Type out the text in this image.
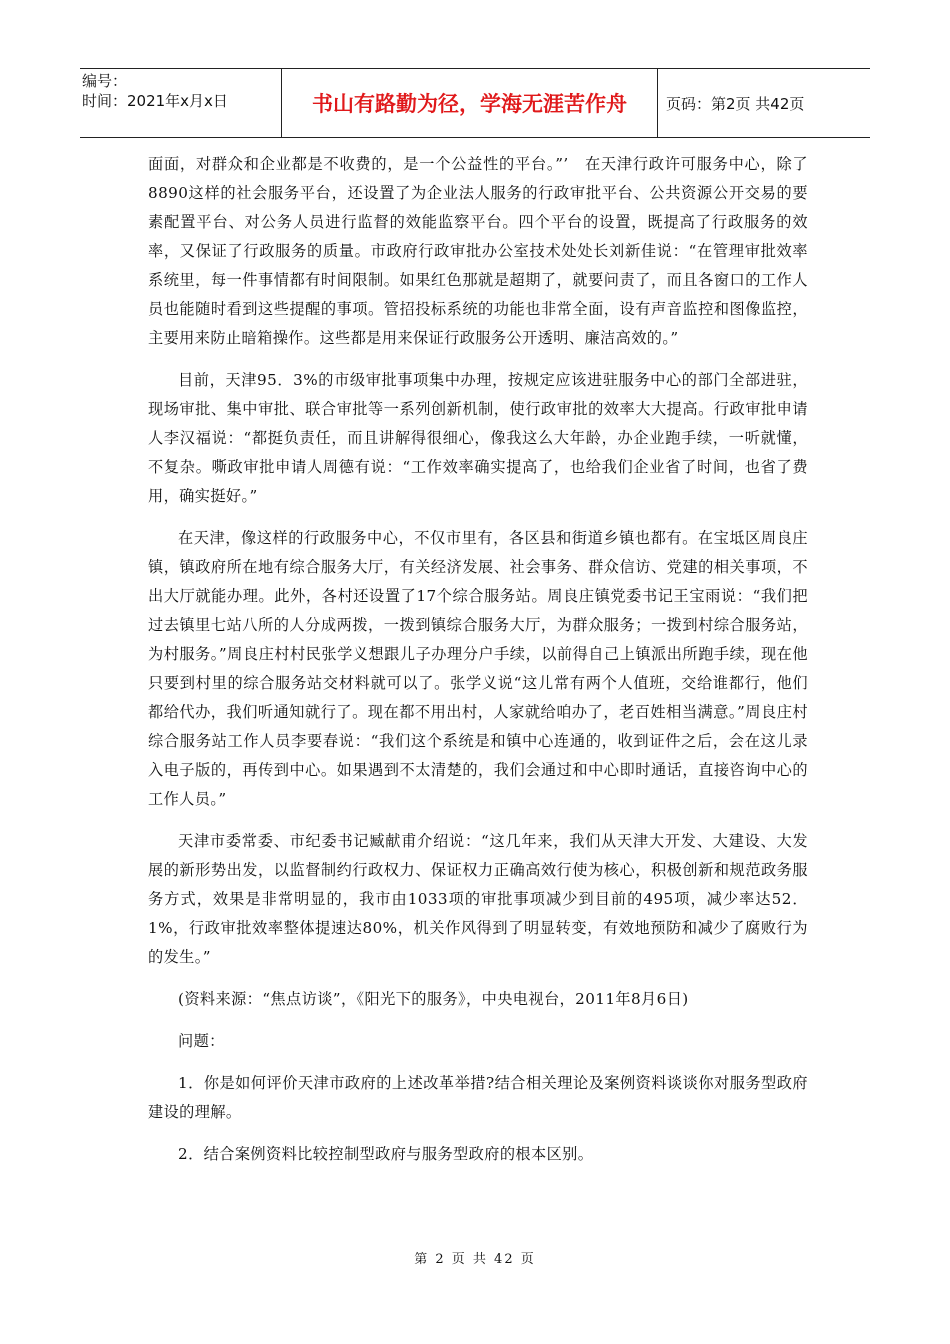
编号：
时间：2021年x月x日	书山有路勤为径，学海无涯苦作舟	页码：第2页 共42页

面面，对群众和企业都是不收费的，是一个公益性的平台。”’　在天津行政许可服务中心，除了8890这样的社会服务平台，还设置了为企业法人服务的行政审批平台、公共资源公开交易的要素配置平台、对公务人员进行监督的效能监察平台。四个平台的设置，既提高了行政服务的效率，又保证了行政服务的质量。市政府行政审批办公室技术处处长刘新佳说：“在管理审批效率系统里，每一件事情都有时间限制。如果红色那就是超期了，就要问责了，而且各窗口的工作人员也能随时看到这些提醒的事项。管招投标系统的功能也非常全面，设有声音监控和图像监控，主要用来防止暗箱操作。这些都是用来保证行政服务公开透明、廉洁高效的。”

目前，天津95．3%的市级审批事项集中办理，按规定应该进驻服务中心的部门全部进驻，现场审批、集中审批、联合审批等一系列创新机制，使行政审批的效率大大提高。行政审批申请人李汉福说：“都挺负责任，而且讲解得很细心，像我这么大年龄，办企业跑手续，一听就懂，不复杂。嘶政审批申请人周德有说：“工作效率确实提高了，也给我们企业省了时间，也省了费用，确实挺好。”

在天津，像这样的行政服务中心，不仅市里有，各区县和街道乡镇也都有。在宝坻区周良庄镇，镇政府所在地有综合服务大厅，有关经济发展、社会事务、群众信访、党建的相关事项，不出大厅就能办理。此外，各村还设置了17个综合服务站。周良庄镇党委书记王宝雨说：“我们把过去镇里七站八所的人分成两拨，一拨到镇综合服务大厅，为群众服务；一拨到村综合服务站，为村服务。”周良庄村村民张学义想跟儿子办理分户手续，以前得自己上镇派出所跑手续，现在他只要到村里的综合服务站交材料就可以了。张学义说“这儿常有两个人值班，交给谁都行，他们都给代办，我们听通知就行了。现在都不用出村，人家就给咱办了，老百姓相当满意。”周良庄村综合服务站工作人员李要春说：“我们这个系统是和镇中心连通的，收到证件之后，会在这儿录入电子版的，再传到中心。如果遇到不太清楚的，我们会通过和中心即时通话，直接咨询中心的工作人员。”

天津市委常委、市纪委书记臧献甫介绍说：“这几年来，我们从天津大开发、大建设、大发展的新形势出发，以监督制约行政权力、保证权力正确高效行使为核心，积极创新和规范政务服务方式，效果是非常明显的，我市由1033项的审批事项减少到目前的495项，减少率达52．1%，行政审批效率整体提速达80%，机关作风得到了明显转变，有效地预防和减少了腐败行为的发生。”

(资料来源：“焦点访谈”，《阳光下的服务》，中央电视台，2011年8月6日)

问题：

1．你是如何评价天津市政府的上述改革举措?结合相关理论及案例资料谈谈你对服务型政府建设的理解。

2．结合案例资料比较控制型政府与服务型政府的根本区别。

第 2 页 共 42 页
